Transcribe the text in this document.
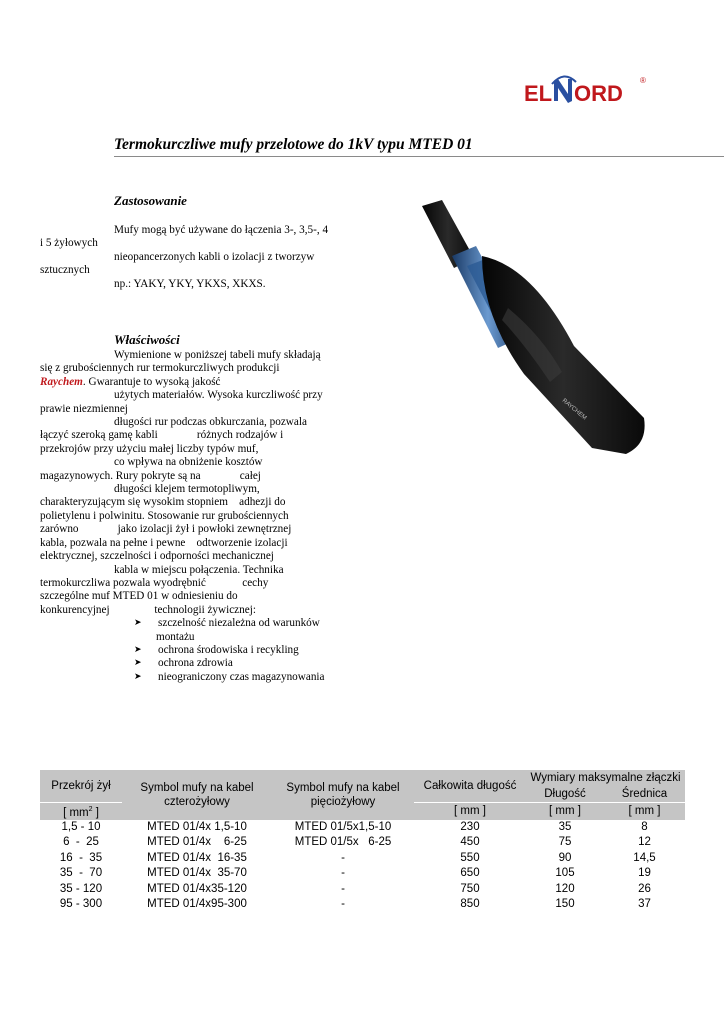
EL ORD
®
Termokurczliwe mufy przelotowe do 1kV typu MTED 01
Zastosowanie
Mufy mogą być używane do łączenia 3-, 3,5-, 4
i 5 żyłowych
nieopancerzonych kabli o izolacji z tworzyw
sztucznych
np.: YAKY, YKY, YKXS, XKXS.
Właściwości
Wymienione w poniższej tabeli mufy składają
się z grubościennych rur termokurczliwych produkcji
Raychem. Gwarantuje to wysoką jakość
użytych materiałów. Wysoka kurczliwość przy
prawie niezmiennej
długości rur podczas obkurczania, pozwala
łączyć szeroką gamę kabli              różnych rodzajów i
przekrojów przy użyciu małej liczby typów muf,
co wpływa na obniżenie kosztów
magazynowych. Rury pokryte są na              całej
długości klejem termotopliwym,
charakteryzującym się wysokim stopniem    adhezji do
polietylenu i polwinitu. Stosowanie rur grubościennych
zarówno              jako izolacji żył i powłoki zewnętrznej
kabla, pozwala na pełne i pewne    odtworzenie izolacji
elektrycznej, szczelności i odporności mechanicznej
kabla w miejscu połączenia. Technika
termokurczliwa pozwala wyodrębnić             cechy
szczególne muf MTED 01 w odniesieniu do
konkurencyjnej                technologii żywicznej:
➤ szczelność niezależna od warunków
montażu
➤ ochrona środowiska i recykling
➤ ochrona zdrowia
➤ nieograniczony czas magazynowania
RAYCHEM
Przekrój żył	Symbol mufy na kabel czterożyłowy	Symbol mufy na kabel pięciożyłowy	Całkowita długość	Wymiary maksymalne złączki	
				Długość	Średnica
[ $mm^2$ ]			[ mm ]	[ mm ]	[ mm ]
1,5 - 10	MTED 01/4x 1,5-10	MTED 01/5x1,5-10	230	35	8
6  -  25	MTED 01/4x    6-25	MTED 01/5x   6-25	450	75	12
16  -  35	MTED 01/4x  16-35	-	550	90	14,5
35  -  70	MTED 01/4x  35-70	-	650	105	19
35 - 120	MTED 01/4x35-120	-	750	120	26
95 - 300	MTED 01/4x95-300	-	850	150	37
